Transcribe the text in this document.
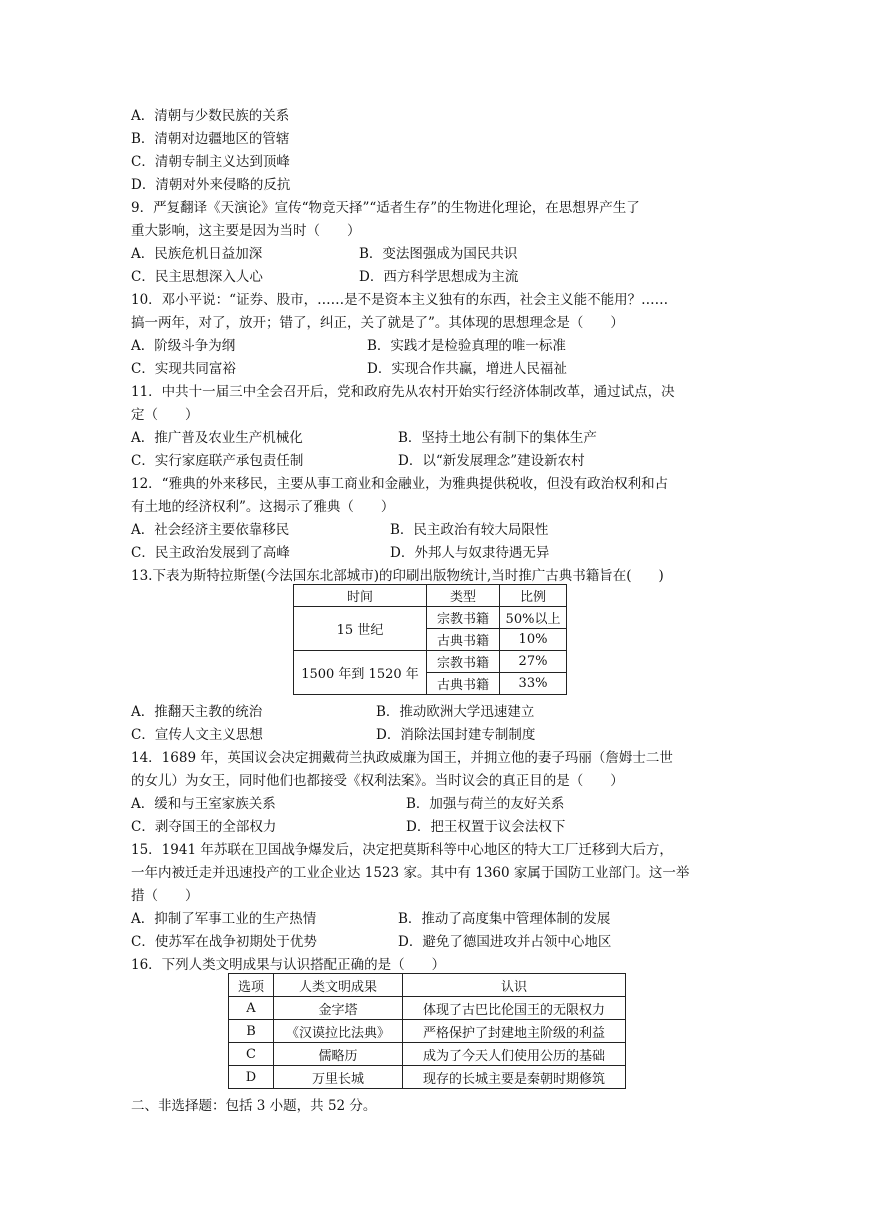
A．清朝与少数民族的关系
B．清朝对边疆地区的管辖
C．清朝专制主义达到顶峰
D．清朝对外来侵略的反抗
9．严复翻译《天演论》宣传“物竞天择”“适者生存”的生物进化理论，在思想界产生了
重大影响，这主要是因为当时（　　）
A．民族危机日益加深	B．变法图强成为国民共识
C．民主思想深入人心	D．西方科学思想成为主流
10．邓小平说：“证券、股市，……是不是资本主义独有的东西，社会主义能不能用？……
搞一两年，对了，放开；错了，纠正，关了就是了”。其体现的思想理念是（　　）
A．阶级斗争为纲	B．实践才是检验真理的唯一标准
C．实现共同富裕	D．实现合作共赢，增进人民福祉
11．中共十一届三中全会召开后，党和政府先从农村开始实行经济体制改革，通过试点，决
定（　　）
A．推广普及农业生产机械化	B．坚持土地公有制下的集体生产
C．实行家庭联产承包责任制	D．以“新发展理念”建设新农村
12．“雅典的外来移民，主要从事工商业和金融业，为雅典提供税收，但没有政治权利和占
有土地的经济权利”。这揭示了雅典（　　）
A．社会经济主要依靠移民	B．民主政治有较大局限性
C．民主政治发展到了高峰	D．外邦人与奴隶待遇无异
13.下表为斯特拉斯堡(今法国东北部城市)的印刷出版物统计,当时推广古典书籍旨在(　　)
时间	类型	比例
15 世纪	宗教书籍	50%以上
	古典书籍	10%
1500 年到 1520 年	宗教书籍	27%
	古典书籍	33%
A．推翻天主教的统治	B．推动欧洲大学迅速建立
C．宣传人文主义思想	D．消除法国封建专制制度
14．1689 年，英国议会决定拥戴荷兰执政威廉为国王，并拥立他的妻子玛丽（詹姆士二世
的女儿）为女王，同时他们也都接受《权利法案》。当时议会的真正目的是（　　）
A．缓和与王室家族关系	B．加强与荷兰的友好关系
C．剥夺国王的全部权力	D．把王权置于议会法权下
15．1941 年苏联在卫国战争爆发后，决定把莫斯科等中心地区的特大工厂迁移到大后方，
一年内被迁走并迅速投产的工业企业达 1523 家。其中有 1360 家属于国防工业部门。这一举
措（　　）
A．抑制了军事工业的生产热情	B．推动了高度集中管理体制的发展
C．使苏军在战争初期处于优势	D．避免了德国进攻并占领中心地区
16．下列人类文明成果与认识搭配正确的是（　　）
选项	人类文明成果	认识
A	金字塔	体现了古巴比伦国王的无限权力
B	《汉谟拉比法典》	严格保护了封建地主阶级的利益
C	儒略历	成为了今天人们使用公历的基础
D	万里长城	现存的长城主要是秦朝时期修筑
二、非选择题：包括 3 小题，共 52 分。
